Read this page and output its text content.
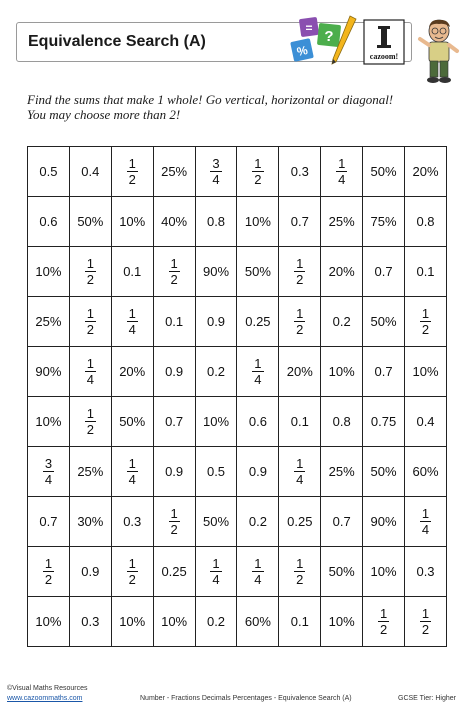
Equivalence Search (A)
%
= ?
cazoom!
Find the sums that make 1 whole! Go vertical, horizontal or diagonal!
You may choose more than 2!
0.5	0.4	$\frac{1}{2}$	25%	$\frac{3}{4}$	$\frac{1}{2}$	0.3	$\frac{1}{4}$	50%	20%
0.6	50%	10%	40%	0.8	10%	0.7	25%	75%	0.8
10%	$\frac{1}{2}$	0.1	$\frac{1}{2}$	90%	50%	$\frac{1}{2}$	20%	0.7	0.1
25%	$\frac{1}{2}$	$\frac{1}{4}$	0.1	0.9	0.25	$\frac{1}{2}$	0.2	50%	$\frac{1}{2}$

90%	$\frac{1}{4}$	20%	0.9	0.2	$\frac{1}{4}$	20%	10%	0.7	10%
10%	$\frac{1}{2}$	50%	0.7	10%	0.6	0.1	0.8	0.75	0.4

$\frac{3}{4}$	25%	$\frac{1}{4}$	0.9	0.5	0.9	$\frac{1}{4}$	25%	50%	60%
0.7	30%	0.3	$\frac{1}{2}$	50%	0.2	0.25	0.7	90%	$\frac{1}{4}$

$\frac{1}{2}$	0.9	$\frac{1}{2}$	0.25	$\frac{1}{4}$	$\frac{1}{4}$	$\frac{1}{2}$	50%	10%	0.3
10%	0.3	10%	10%	0.2	60%	0.1	10%	$\frac{1}{2}$	$\frac{1}{2}$
©Visual Maths Resources
www.cazoommaths.com	Number - Fractions Decimals Percentages - Equivalence Search (A)	GCSE Tier: Higher
